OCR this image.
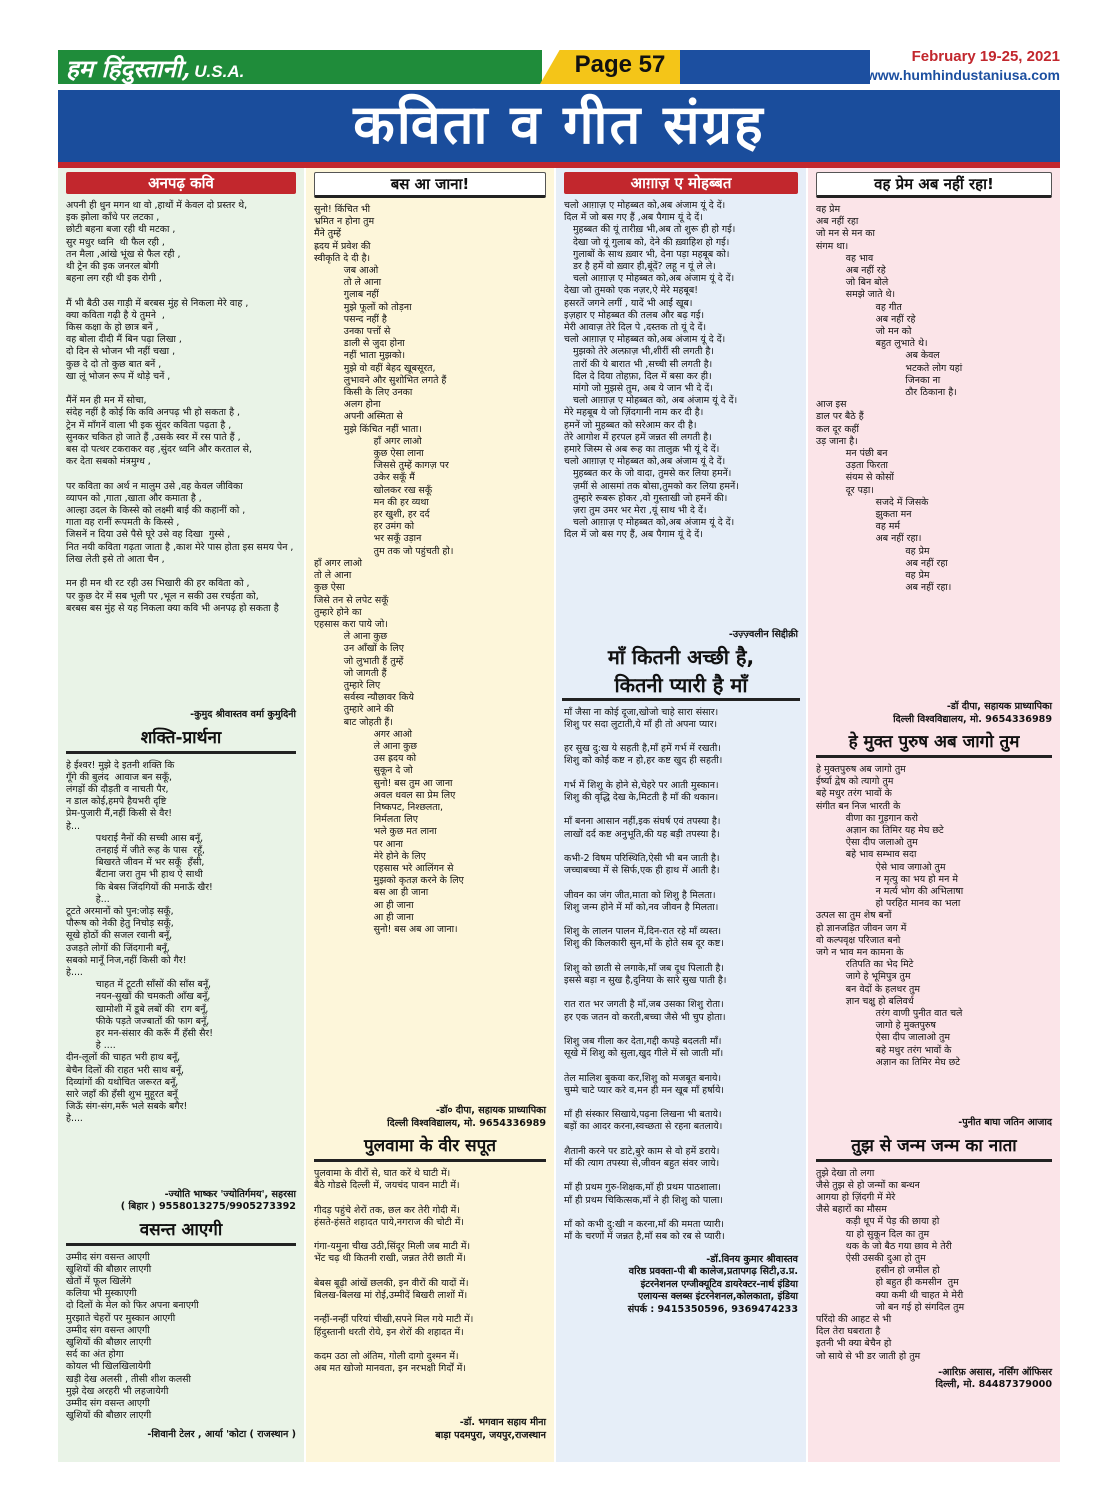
हम हिंदुस्तानी, U.S.A.	Page 57	February 19-25, 2021
www.humhindustaniusa.com
कविता व गीत संग्रह
अनपढ़ कवि
अपनी ही धुन मगन था वो ,हाथों में केवल दो प्रस्तर थे,
इक झोला काँधे पर लटका ,
छोटी बहना बजा रही थी मटका ,
सुर मधुर ध्वनि  थी फैल रही ,
तन मैला ,आंखे भूंख से फैल रही ,
थी ट्रेन की इक जनरल बोगी
बहना लग रही थी इक रोगी ,

मैं भी बैठी उस गाड़ी में बरबस मुंह से निकला मेरे वाह ,
क्या कविता गढ़ी है ये तुमने  ,
किस कक्षा के हो छात्र बनें ,
वह बोला दीदी मैं बिन पढ़ा लिखा ,
दो दिन से भोजन भी नहीं चखा ,
कुछ दे दो तो कुछ बात बनें ,
खा लूं भोजन रूप में थोड़े चनें ,

मैंनें मन ही मन में सोचा,
संदेह नहीं है कोई कि कवि अनपढ़ भी हो सकता है ,
ट्रेन में माँगनें वाला भी इक सुंदर कविता पढ़ता है ,
सुनकर चकित हो जाते हैं ,उसके स्वर में रस पाते हैं ,
बस दो पत्थर टकराकर वह ,सुंदर ध्वनि और करताल से,
कर देता सबको मंत्रमुग्ध ,

पर कविता का अर्थ न मालुम उसे ,वह केवल जीविका
व्यापन को ,गाता ,खाता और कमाता है ,
आल्हा उदल के किस्से को लक्ष्मी बाई की कहानीं को ,
गाता वह रानीं रूपमती के किस्से ,
जिसनें न दिया उसे पैसे घूरे उसे वह दिखा  गुस्से ,
नित नयी कविता गढ़ता जाता है ,काश मेरे पास होता इस समय पेन ,
लिख लेती इसे तो आता चैन ,

मन ही मन थी रट रही उस भिखारी की हर कविता को ,
पर कुछ देर में सब भूली पर ,भूल न सकी उस रचईता को,
बरबस बस मुंह से यह निकला क्या कवि भी अनपढ़ हो सकता है
-कुमुद श्रीवास्तव वर्मा कुमुदिनी
शक्ति-प्रार्थना
हे ईश्वर! मुझे दे इतनी शक्ति कि
गूँगे की बुलंद  आवाज बन सकूँ,
लंगड़ों की दौड़ती व नाचती पैर,
न डाल कोई,हमपे हैयभरी दृष्टि
प्रेम-पुजारी मैं,नहीं किसी से वैर!
हे...
पथराई नैनों की सच्ची आस बनूँ,
तनहाई में जीते रूह के पास  रहूँ,
बिखरते जीवन में भर सकूँ  हँसी,
बैंटाना जरा तुम भी हाथ ऐ साथी
कि बेबस जिंदगियों की मनाऊँ खैर!
हे...
टूटते अरमानों को पुन:जोड़ सकूँ,
पौरूष को नेकी हेतु निचोड़ सकूँ,
सूखे होठों की सजल रवानी बनूँ,
उजड़ते लोगों की जिंदगानी बनूँ,
सबको मानूँ निज,नहीं किसी को गैर!
हे....
चाहत में टूटती साँसों की साँस बनूँ,
नयन-सुखों की चमकती आँख बनूँ,
खामोशी में डूबे लबों की  राग बनूँ,
फीके पड़ते जज्बातों की फाग बनूँ,
हर मन-संसार की करूँ मैं हँसी सैर!
हे ....
दीन-लूलों की चाहत भरी हाथ बनूँ,
बेचैन दिलों की राहत भरी साथ बनूँ,
दिव्यांगों की यथोचित जरूरत बनूँ,
सारे जहाँ की हँसी शुभ मुहूरत बनूँ
जिऊँ संग-संग,मरूँ भले सबके बगैर!
हे....
-ज्योति भाष्कर 'ज्योतिर्गमय', सहरसा
( बिहार ) 9558013275/9905273392
वसन्त आएगी
उम्मीद संग वसन्त आएगी
खुशियों की बौछार लाएगी
खेतों में फूल खिलेंगे
कलिया भी मुस्काएगी
दो दिलों के मेल को फिर अपना बनाएगी
मुरझाते चेहरों पर मुस्कान आएगी
उम्मीद संग वसन्त आएगी
खुशियों की बौछार लाएगी
सर्द का अंत होगा
कोयल भी खिलखिलायेगी
खड़ी देख अलसी , तीसी शीश कलसी
मुझे देख अरहरी भी लहजायेगी
उम्मीद संग वसन्त आएगी
खुशियों की बौछार लाएगी
-शिवानी टेलर , आर्या 'कोटा ( राजस्थान )
बस आ जाना!
सुनो! किंचित भी
भ्रमित न होना तुम
मैंने तुम्हें
ह्रदय में प्रवेश की
स्वीकृति दे दी है।
जब आओ
तो ले आना
गुलाब नहीं
मुझे फूलों को तोड़ना
पसन्द नहीं है
उनका पत्तों से
डाली से जुदा होना
नहीं भाता मुझको।
मुझे वो वहीं बेहद खूबसूरत,
लुभावने और सुशोभित लगते हैं
किसी के लिए उनका
अलग होना
अपनी अस्मिता से
मुझे किंचित नहीं भाता।
हाँ अगर लाओ
कुछ ऐसा लाना
जिससे तुम्हें कागज़ पर
उकेर सकूँ मैं
खोलकर रख सकूँ
मन की हर व्यथा
हर खुशी, हर दर्द
हर उमंग को
भर सकूँ उड़ान
तुम तक जो पहुंचती हो।
हाँ अगर लाओ
तो ले आना
कुछ ऐसा
जिसे तन से लपेट सकूँ
तुम्हारे होने का
एहसास करा पाये जो।
ले आना कुछ
उन आँखों के लिए
जो लुभाती हैं तुम्हें
जो जागती हैं
तुम्हारे लिए
सर्वस्व न्यौछावर किये
तुम्हारे आने की
बाट जोहती हैं।
अगर आओ
ले आना कुछ
उस ह्रदय को
सुकून दे जो
सुनो! बस तुम आ जाना
अवल धवल सा प्रेम लिए
निष्कपट, निश्छलता,
निर्मलता लिए
भले कुछ मत लाना
पर आना
मेरे होने के लिए
एहसास भरे आलिंगन से
मुझको कृतज्ञ करने के लिए
बस आ ही जाना
आ ही जाना
आ ही जाना
सुनो! बस अब आ जाना।
-डॉ० दीपा, सहायक प्राध्यापिका
दिल्ली विश्वविद्यालय, मो. 9654336989
पुलवामा के वीर सपूत
पुलवामा के वीरों से, घात करें थे घाटी में।
बैठे गोडसे दिल्ली में, जयचंद पावन माटी में।

गीदड़ पहुंचे शेरों तक, छल कर तेरी गोदी में।
हंसते-हंसते शहादत पाये,नगराज की चोटी में।

गंगा-यमुना चीख उठी,सिंदूर मिली जब माटी में।
भेंट चढ़ थी कितनी राखी, जन्नत तेरी छाती में।

बेबस बूढ़ी आंखें छलकी, इन वीरों की यादों में।
बिलख-बिलख मां रोई,उम्मीदें बिखरी लाशों में।

नन्हीं-नन्हीं परियां चीखी,सपने मिल गये माटी में।
हिंदुस्तानी धरती रोये, इन शेरों की शहादत में।

कदम उठा लो अंतिम, गोली दागो दुश्मन में।
अब मत खोजो मानवता, इन नरभक्षी गिर्दों में।
-डॉ. भगवान सहाय मीना
बाड़ा पदमपुरा, जयपुर,राजस्थान
आग़ाज़ ए मोहब्बत
चलो आग़ाज़ ए मोहब्बत को,अब अंजाम यूं दे दें।
दिल में जो बस गए हैं ,अब पैगाम यूं दे दें।
मुहब्बत की यूं तारीख़ भी,अब तो शुरू ही हो गई।
देखा जो यूं गुलाब को, देने की ख़्वाहिश हो गई।
गुलाबों के साथ ख़्वार भी, देना पड़ा महबूब को।
डर है हमें वो ख़्वार ही,बूंदें? लहू न यूं ले ले।
चलो आग़ाज़ ए मोहब्बत को,अब अंजाम यूं दे दें।
देखा जो तुमको एक नज़र,ऐ मेरे महबूब!
हसरतें जगने लगीं , यादें भी आईं खूब।
इज़हार ए मोहब्बत की तलब और बढ़ गई।
मेरी आवाज़ तेरे दिल पे ,दस्तक तो यूं दे दें।
चलो आग़ाज़ ए मोहब्बत को,अब अंजाम यूं दे दें।
मुझको तेरे अल्फ़ाज़ भी,शीरीं सी लगती है।
तारों की ये बारात भी ,सच्ची सी लगती है।
दिल दे दिया तोहफ़ा, दिल में बसा कर ही।
मांगो जो मुझसे तुम, अब ये जान भी दे दें।
चलो आग़ाज़ ए मोहब्बत को, अब अंजाम यूं दे दें।
मेरे महबूब ये जो ज़िंदगानी नाम कर दी है।
हमनें जो मुहब्बत को सरेआम कर दी है।
तेरे आगोश में हरपल हमें जन्नत सी लगती है।
हमारे जिस्म से अब रूह का तालुक़ भी यूं दे दें।
चलो आग़ाज़ ए मोहब्बत को,अब अंजाम यूं दे दें।
मुहब्बत कर के जो वादा, तुमसे कर लिया हमनें।
ज़मीं से आसमां तक बोसा,तुमको कर लिया हमनें।
तुम्हारे रूबरू होकर ,वो गुस्ताखी जो हमनें की।
ज़रा तुम उमर भर मेरा ,यूं साथ भी दे दें।
चलो आग़ाज़ ए मोहब्बत को,अब अंजाम यूं दे दें।
दिल में जो बस गए हैं, अब पैगाम यूं दे दें।
-उज़्ज़्वलीन सिद्दीक़ी
माँ कितनी अच्छी है,
कितनी प्यारी है माँ
माँ जैसा ना कोई दूजा,खोजो चाहे सारा संसार।
शिशु पर सदा लुटाती,ये माँ ही तो अपना प्यार।

हर सुख दु:ख ये सहती है,माँ हमें गर्भ में रखती।
शिशु को कोई कष्ट न हो,हर कष्ट खुद ही सहती।

गर्भ में शिशु के होने से,चेहरे पर आती मुस्कान।
शिशु की वृद्धि देख के,मिटती है माँ की थकान।

माँ बनना आसान नहीं,इक संघर्ष एवं तपस्या है।
लाखों दर्द कष्ट अनुभूति,की यह बड़ी तपस्या है।

कभी-2 विषम परिस्थिति,ऐसी भी बन जाती है।
जच्चाबच्चा में से सिर्फ,एक ही हाथ में आती है।

जीवन का जंग जीत,माता को शिशु है मिलता।
शिशु जन्म होने में माँ को,नव जीवन है मिलता।

शिशु के लालन पालन में,दिन-रात रहे माँ व्यस्त।
शिशु की किलकारी सुन,माँ के होते सब दूर कष्ट।

शिशु को छाती से लगाके,माँ जब दूध पिलाती है।
इससे बड़ा न सुख है,दुनिया के सारे सुख पाती है।

रात रात भर जगती है माँ,जब उसका शिशु रोता।
हर एक जतन वो करती,बच्चा जैसे भी चुप होता।

शिशु जब गीला कर देता,गद्दी कपड़े बदलती माँ।
सूखे में शिशु को सुला,खुद गीले में सो जाती माँ।

तेल मालिश बुकवा कर,शिशु को मजबूत बनाये।
चुम्मे चाटे प्यार करे व,मन ही मन खूब माँ हर्षाये।

माँ ही संस्कार सिखाये,पढ़ना लिखना भी बताये।
बड़ों का आदर करना,स्वच्छता से रहना बतलाये।

शैतानी करने पर डाटे,बुरे काम से वो हमें डराये।
माँ की त्याग तपस्या से,जीवन बहुत संवर जाये।

माँ ही प्रथम गुरु-शिक्षक,माँ ही प्रथम पाठशाला।
माँ ही प्रथम चिकित्सक,माँ ने ही शिशु को पाला।

माँ को कभी दु:खी न करना,माँ की ममता प्यारी।
माँ के चरणों में जन्नत है,माँ सब को रब से प्यारी।
-डॉ.विनय कुमार श्रीवास्तव
वरिष्ठ प्रवक्ता-पी बी कालेज,प्रतापगढ़ सिटी,उ.प्र.
इंटरनेशनल एग्जीक्यूटिव डायरेक्टर-नार्थ इंडिया
एलायन्स क्लब्स इंटरनेशनल,कोलकाता, इंडिया
संपर्क : 9415350596, 9369474233
वह प्रेम अब नहीं रहा!
वह प्रेम
अब नहीं रहा
जो मन से मन का
संगम था।
वह भाव
अब नहीं रहे
जो बिन बोले
समझे जाते थे।
वह गीत
अब नहीं रहे
जो मन को
बहुत लुभाते थे।
अब केवल
भटकते लोग यहां
जिनका ना
ठौर ठिकाना है।
आज इस
डाल पर बैठे हैं
कल दूर कहीं
उड़ जाना है।
मन पंछी बन
उड़ता फिरता
संयम से कोसों
दूर पड़ा।
सजदे में जिसके
झुकता मन
वह मर्म
अब नहीं रहा।
वह प्रेम
अब नहीं रहा
वह प्रेम
अब नहीं रहा।
-डॉ दीपा, सहायक प्राध्यापिका
दिल्ली विश्वविद्यालय, मो. 9654336989
हे मुक्त पुरुष अब जागो तुम
हे मुक्तपुरुष अब जागो तुम
ईर्ष्या द्वेष को त्यागो तुम
बहे मधुर तरंग भावों के
संगीत बन निज भारती के
वीणा का गुड़गान करो
अज्ञान का तिमिर यह मेघ छटे
ऐसा दीप जलाओ तुम
बहे भाव सम्भाव सदा
ऐसे भाव जगाओ तुम
न मृत्यु का भय हो मन मे
न मर्त्य भोग की अभिलाषा
हो परहित मानव का भला
उत्पल सा तुम शेष बनों
हो ज्ञानजड़ित जीवन जग में
वो कल्पवृक्ष परिजात बनो
जगे न भाव मन कामना के
रतिपति का भेद मिटे
जागे हे भूमिपुत्र तुम
बन वेदों के हलधर तुम
ज्ञान चक्षु हो बलिवर्ध
तरंग वाणी पुनीत वात चले
जागो हे मुक्तपुरुष
ऐसा दीप जालाओ तुम
बहे मधुर तरंग भावों के
अज्ञान का तिमिर मेघ छटे
-पुनीत बाघा जतिन आजाद
तुझ से जन्म जन्म का नाता
तुझे देखा तो लगा
जैसे तुझ से हो जन्मों का बन्धन
आगया हो ज़िंदगी में मेरे
जैसे बहारों का मौसम
कड़ी धूप में पेड़ की छाया हो
या हो सुकून दिल का तुम
थक के जो बैठ गया छाव मे तेरी
ऐसी उसकी दुआ हो तुम
हसीन हो जमील हो
हो बहुत ही कमसीन  तुम
क्या कमी थी चाहत मे मेरी
जो बन गई हो संगदिल तुम
परिंदो की आहट से भी
दिल तेरा घबराता है
इतनी भी क्या बेचैन हो
जो साये से भी डर जाती हो तुम
-आरिफ़ असास, नर्सिंग ऑफिसर
दिल्ली, मो. 84487379000
